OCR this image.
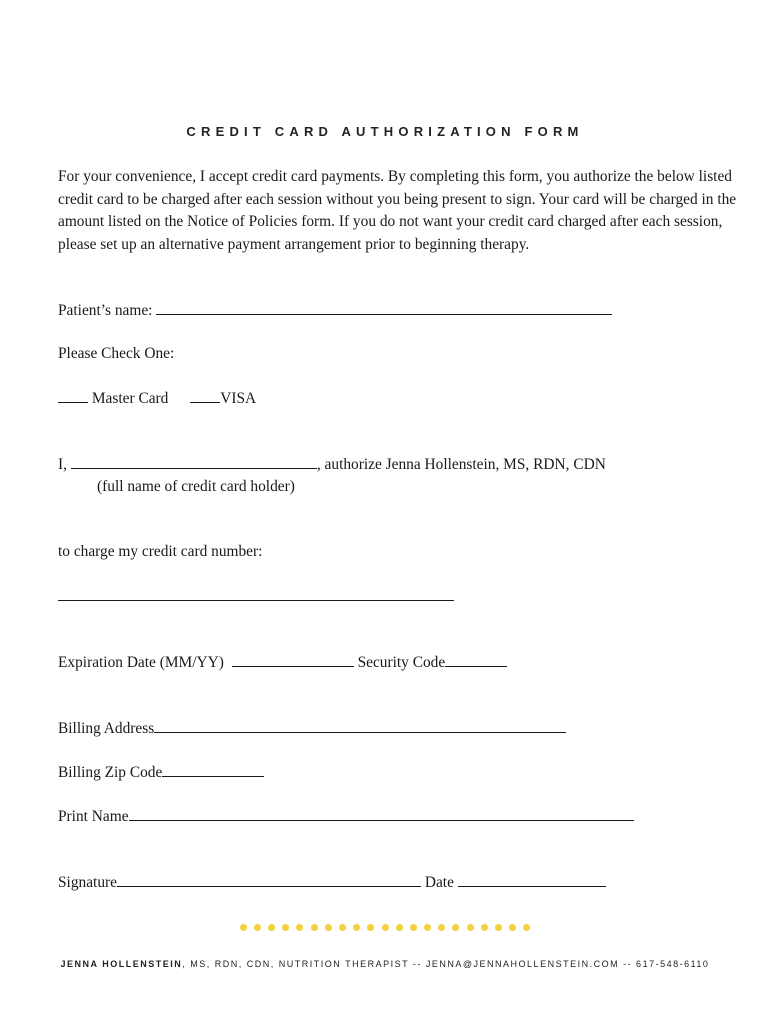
CREDIT CARD AUTHORIZATION FORM

For your convenience, I accept credit card payments. By completing this form, you authorize the below listed credit card to be charged after each session without you being present to sign. Your card will be charged in the amount listed on the Notice of Policies form. If you do not want your credit card charged after each session, please set up an alternative payment arrangement prior to beginning therapy.

Patient’s name:
Please Check One:
Master Card	VISA
I,	, authorize Jenna Hollenstein, MS, RDN, CDN
(full name of credit card holder)
to charge my credit card number:
Expiration Date (MM/YY)	Security Code
Billing Address
Billing Zip Code
Print Name
Signature	Date
JENNA HOLLENSTEIN, MS, RDN, CDN, NUTRITION THERAPIST -- JENNA@JENNAHOLLENSTEIN.COM -- 617-548-6110
